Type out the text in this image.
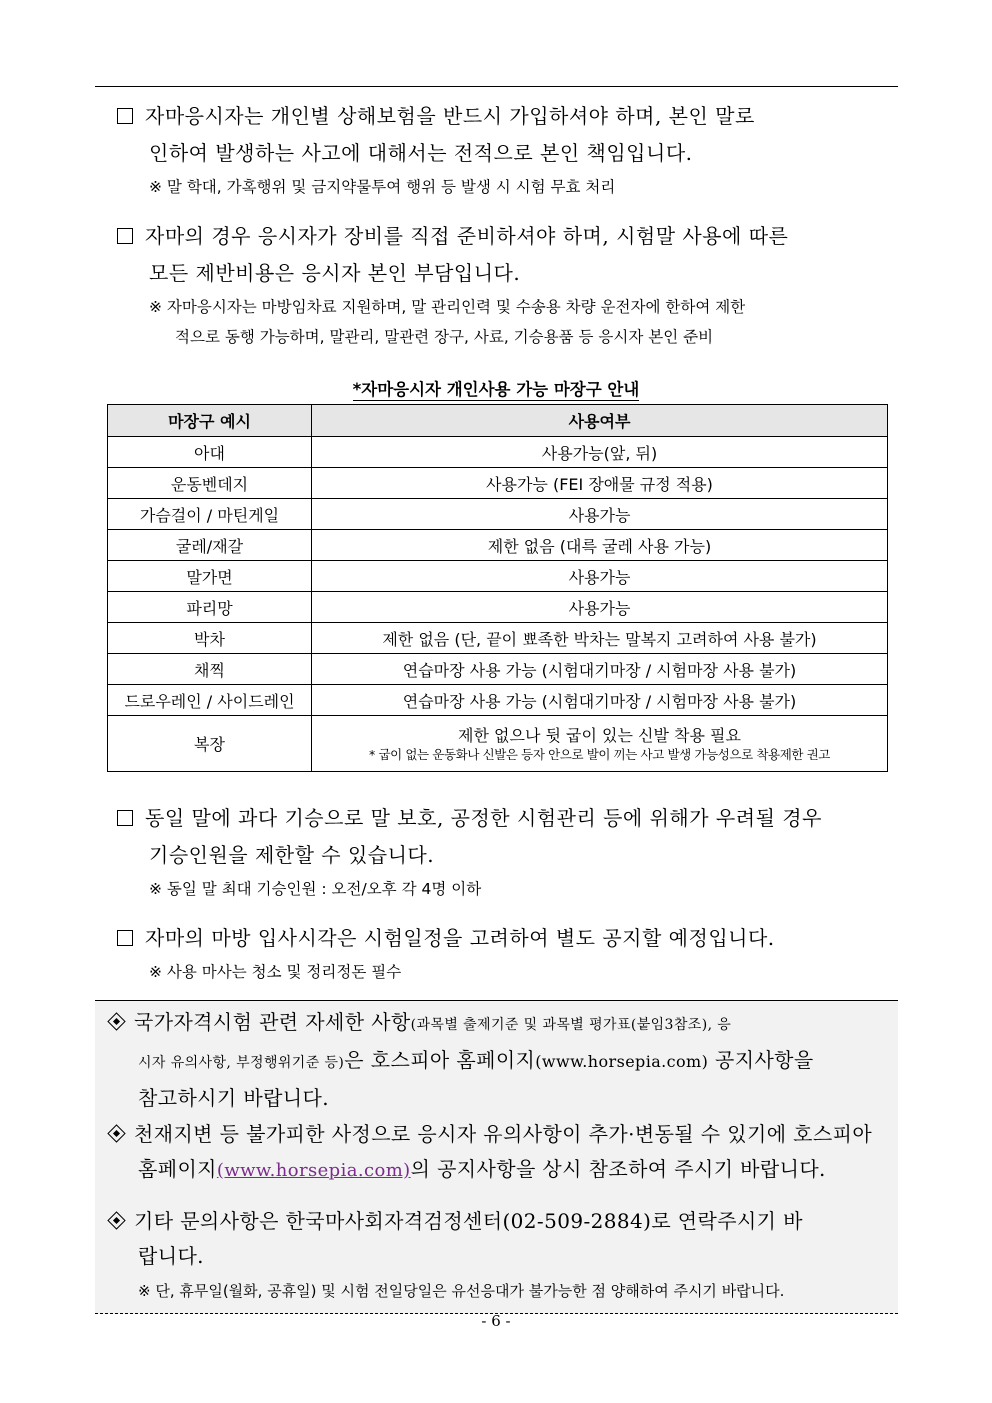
자마응시자는 개인별 상해보험을 반드시 가입하셔야 하며, 본인 말로
인하여 발생하는 사고에 대해서는 전적으로 본인 책임입니다.
※ 말 학대, 가혹행위 및 금지약물투여 행위 등 발생 시 시험 무효 처리
자마의 경우 응시자가 장비를 직접 준비하셔야 하며, 시험말 사용에 따른
모든 제반비용은 응시자 본인 부담입니다.
※ 자마응시자는 마방임차료 지원하며, 말 관리인력 및 수송용 차량 운전자에 한하여 제한
적으로 동행 가능하며, 말관리, 말관련 장구, 사료, 기승용품 등 응시자 본인 준비
*자마응시자 개인사용 가능 마장구 안내
마장구 예시	사용여부
아대	사용가능(앞, 뒤)
운동벤데지	사용가능 (FEI 장애물 규정 적용)
가슴걸이 / 마틴게일	사용가능
굴레/재갈	제한 없음 (대륵 굴레 사용 가능)
말가면	사용가능
파리망	사용가능
박차	제한 없음 (단, 끝이 뾰족한 박차는 말복지 고려하여 사용 불가)
채찍	연습마장 사용 가능 (시험대기마장 / 시험마장 사용 불가)
드로우레인 / 사이드레인	연습마장 사용 가능 (시험대기마장 / 시험마장 사용 불가)
복장	제한 없으나 뒷 굽이 있는 신발 착용 필요
* 굽이 없는 운동화나 신발은 등자 안으로 발이 끼는 사고 발생 가능성으로 착용제한 권고
동일 말에 과다 기승으로 말 보호, 공정한 시험관리 등에 위해가 우려될 경우
기승인원을 제한할 수 있습니다.
※ 동일 말 최대 기승인원 : 오전/오후 각 4명 이하
자마의 마방 입사시각은 시험일정을 고려하여 별도 공지할 예정입니다.
※ 사용 마사는 청소 및 정리정돈 필수
국가자격시험 관련 자세한 사항(과목별 출제기준 및 과목별 평가표(붙임3참조), 응
시자 유의사항, 부정행위기준 등)은 호스피아 홈페이지(www.horsepia.com) 공지사항을
참고하시기 바랍니다.
천재지변 등 불가피한 사정으로 응시자 유의사항이 추가·변동될 수 있기에 호스피아
홈페이지(www.horsepia.com)의 공지사항을 상시 참조하여 주시기 바랍니다.
기타 문의사항은 한국마사회자격검정센터(02-509-2884)로 연락주시기 바
랍니다.
※ 단, 휴무일(월화, 공휴일) 및 시험 전일당일은 유선응대가 불가능한 점 양해하여 주시기 바랍니다.
- 6 -
